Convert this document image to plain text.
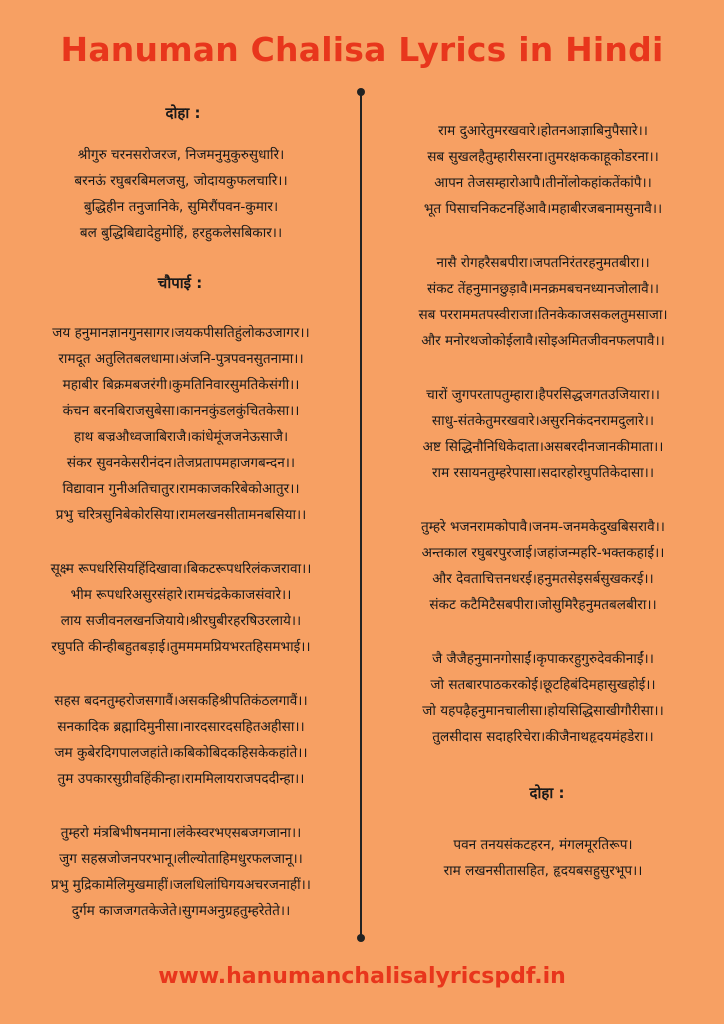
Hanuman Chalisa Lyrics in Hindi
दोहा :
श्रीगुरु चरनसरोजरज, निजमनुमुकुरुसुधारि।
बरनऊं रघुबरबिमलजसु, जोदायकुफलचारि।।
बुद्धिहीन तनुजानिके, सुमिरौंपवन-कुमार।
बल बुद्धिबिद्यादेहुमोहिं, हरहुकलेसबिकार।।
चौपाई :
जय हनुमानज्ञानगुनसागर।जयकपीसतिहुंलोकउजागर।।
रामदूत अतुलितबलधामा।अंजनि-पुत्रपवनसुतनामा।।
महाबीर बिक्रमबजरंगी।कुमतिनिवारसुमतिकेसंगी।।
कंचन बरनबिराजसुबेसा।काननकुंडलकुंचितकेसा।।
हाथ बज्रऔध्वजाबिराजै।कांधेमूंजजनेऊसाजै।
संकर सुवनकेसरीनंदन।तेजप्रतापमहाजगबन्दन।।
विद्यावान गुनीअतिचातुर।रामकाजकरिबेकोआतुर।।
प्रभु चरित्रसुनिबेकोरसिया।रामलखनसीतामनबसिया।।
सूक्ष्म रूपधरिसियहिंदिखावा।बिकटरूपधरिलंकजरावा।।
भीम रूपधरिअसुरसंहारे।रामचंद्रकेकाजसंवारे।।
लाय सजीवनलखनजियाये।श्रीरघुबीरहरषिउरलाये।।
रघुपति कीन्हीबहुतबड़ाई।तुममममप्रियभरतहिसमभाई।।
सहस बदनतुम्हरोजसगावैं।असकहिश्रीपतिकंठलगावैं।।
सनकादिक ब्रह्मादिमुनीसा।नारदसारदसहितअहीसा।।
जम कुबेरदिगपालजहांते।कबिकोबिदकहिसकेकहांते।।
तुम उपकारसुग्रीवहिंकीन्हा।राममिलायराजपददीन्हा।।
तुम्हरो मंत्रबिभीषनमाना।लंकेस्वरभएसबजगजाना।।
जुग सहस्रजोजनपरभानू।लील्योताहिमधुरफलजानू।।
प्रभु मुद्रिकामेलिमुखमाहीं।जलधिलांघिगयअचरजनाहीं।।
दुर्गम काजजगतकेजेते।सुगमअनुग्रहतुम्हरेतेते।।
राम दुआरेतुमरखवारे।होतनआज्ञाबिनुपैसारे।।
सब सुखलहैतुम्हारीसरना।तुमरक्षककाहूकोडरना।।
आपन तेजसम्हारोआपै।तीनोंलोकहांकतेंकांपै।।
भूत पिसाचनिकटनहिंआवै।महाबीरजबनामसुनावै।।
नासै रोगहरैसबपीरा।जपतनिरंतरहनुमतबीरा।।
संकट तेंहनुमानछुड़ावै।मनक्रमबचनध्यानजोलावै।।
सब परराममतपस्वीराजा।तिनकेकाजसकलतुमसाजा।
और मनोरथजोकोईलावै।सोइअमितजीवनफलपावै।।
चारों जुगपरतापतुम्हारा।हैपरसिद्धजगतउजियारा।।
साधु-संतकेतुमरखवारे।असुरनिकंदनरामदुलारे।।
अष्ट सिद्धिनौनिधिकेदाता।असबरदीनजानकीमाता।।
राम रसायनतुम्हरेपासा।सदारहोरघुपतिकेदासा।।
तुम्हरे भजनरामकोपावै।जनम-जनमकेदुखबिसरावै।।
अन्तकाल रघुबरपुरजाई।जहांजन्महरि-भक्तकहाई।।
और देवताचित्तनधरई।हनुमतसेइसर्बसुखकरई।।
संकट कटैमिटैसबपीरा।जोसुमिरैहनुमतबलबीरा।।
जै जैजैहनुमानगोसाईं।कृपाकरहुगुरुदेवकीनाईं।।
जो सतबारपाठकरकोई।छूटहिबंदिमहासुखहोई।।
जो यहपढ़ैहनुमानचालीसा।होयसिद्धिसाखीगौरीसा।।
तुलसीदास सदाहरिचेरा।कीजैनाथहृदयमंहडेरा।।
दोहा :
पवन तनयसंकटहरन, मंगलमूरतिरूप।
राम लखनसीतासहित, हृदयबसहुसुरभूप।।
www.hanumanchalisalyricspdf.in
